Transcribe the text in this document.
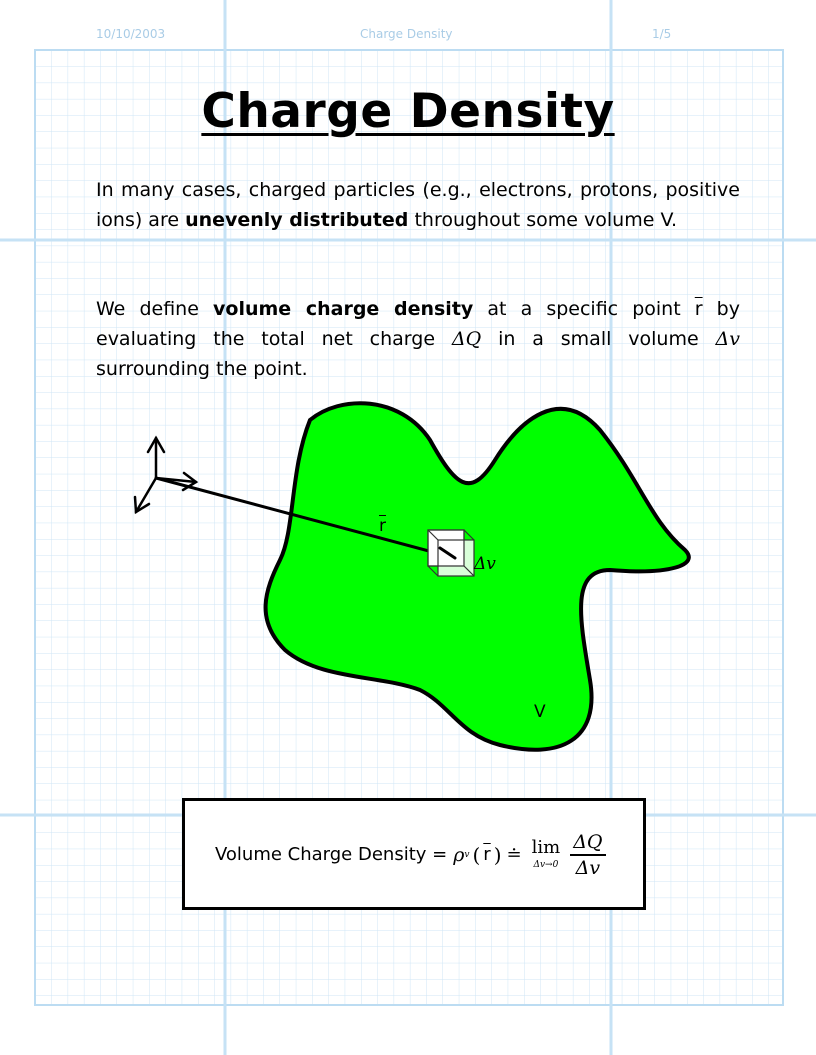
10/10/2003	Charge Density	1/5
Charge Density
In many cases, charged particles (e.g., electrons, protons, positive ions) are unevenly distributed throughout some volume V.
We define volume charge density at a specific point $\overline{r}$ by evaluating the total net charge ΔQ in a small volume Δv surrounding the point.
$\overline{r}$
Δv
V
Volume Charge Density = ρ v ( $\overline{r}$ ) ≐ lim
$\Delta v\to 0 \frac{\Delta Q}{\Delta v}$
